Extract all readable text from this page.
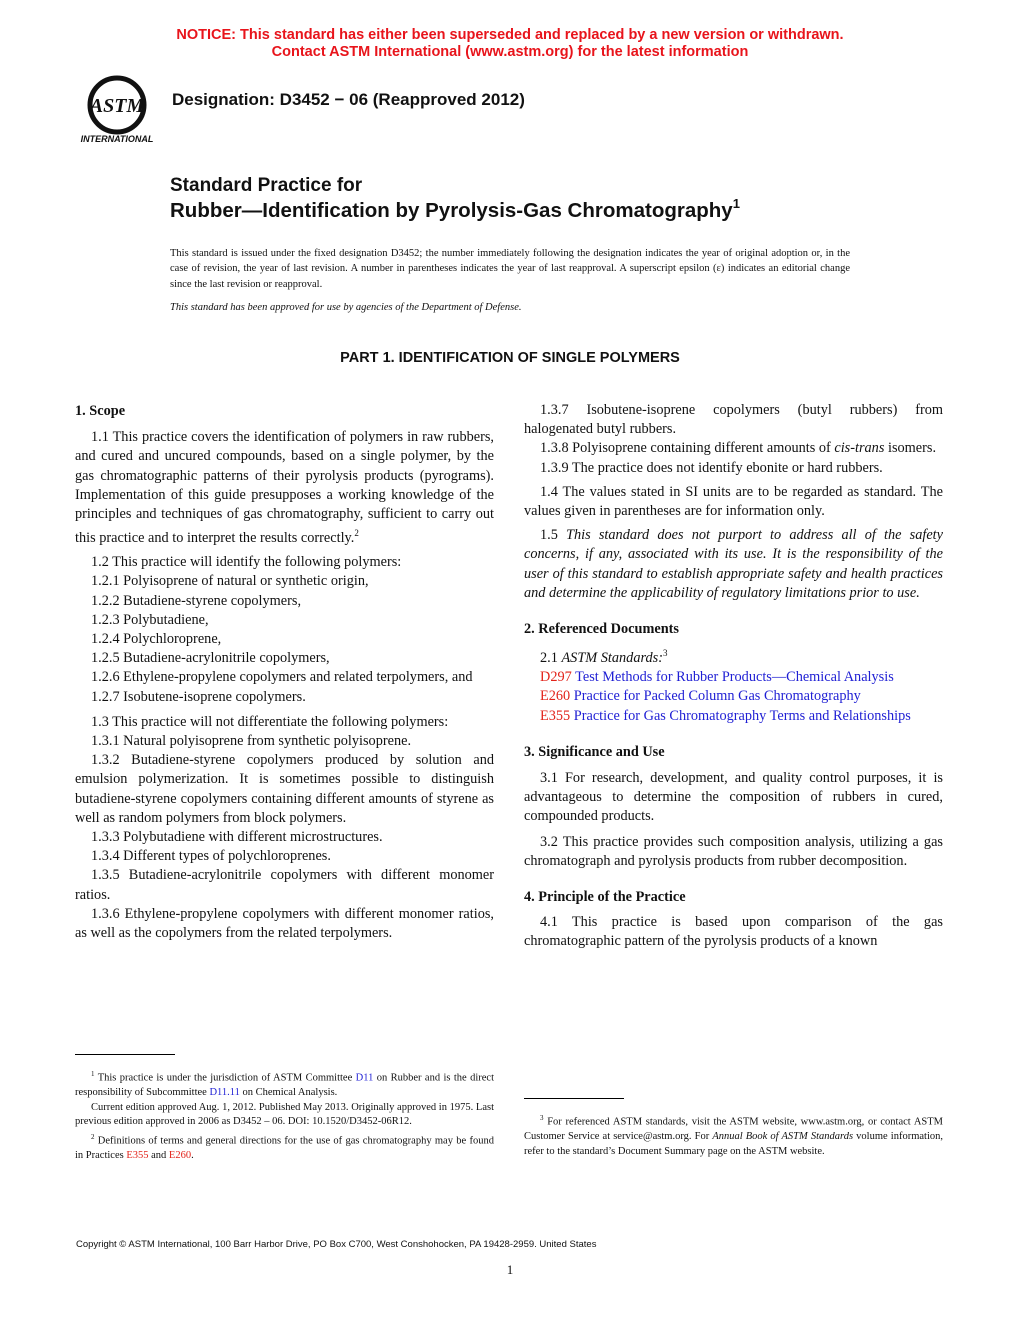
NOTICE: This standard has either been superseded and replaced by a new version or withdrawn.
Contact ASTM International (www.astm.org) for the latest information
ASTM
INTERNATIONAL
Designation: D3452 − 06 (Reapproved 2012)
Standard Practice for
Rubber—Identification by Pyrolysis-Gas Chromatography$^1$
This standard is issued under the fixed designation D3452; the number immediately following the designation indicates the year of original adoption or, in the case of revision, the year of last revision. A number in parentheses indicates the year of last reapproval. A superscript epsilon (ε) indicates an editorial change since the last revision or reapproval.
This standard has been approved for use by agencies of the Department of Defense.
PART 1. IDENTIFICATION OF SINGLE POLYMERS

1. Scope

1.1 This practice covers the identification of polymers in raw rubbers, and cured and uncured compounds, based on a single polymer, by the gas chromatographic patterns of their pyrolysis products (pyrograms). Implementation of this guide presupposes a working knowledge of the principles and techniques of gas chromatography, sufficient to carry out this practice and to interpret the results correctly.$^2$

1.2 This practice will identify the following polymers:

1.2.1 Polyisoprene of natural or synthetic origin,

1.2.2 Butadiene-styrene copolymers,

1.2.3 Polybutadiene,

1.2.4 Polychloroprene,

1.2.5 Butadiene-acrylonitrile copolymers,

1.2.6 Ethylene-propylene copolymers and related terpolymers, and

1.2.7 Isobutene-isoprene copolymers.

1.3 This practice will not differentiate the following polymers:

1.3.1 Natural polyisoprene from synthetic polyisoprene.

1.3.2 Butadiene-styrene copolymers produced by solution and emulsion polymerization. It is sometimes possible to distinguish butadiene-styrene copolymers containing different amounts of styrene as well as random polymers from block polymers.

1.3.3 Polybutadiene with different microstructures.

1.3.4 Different types of polychloroprenes.

1.3.5 Butadiene-acrylonitrile copolymers with different monomer ratios.

1.3.6 Ethylene-propylene copolymers with different monomer ratios, as well as the copolymers from the related terpolymers.

$^1$ This practice is under the jurisdiction of ASTM Committee D11 on Rubber and is the direct responsibility of Subcommittee D11.11 on Chemical Analysis.

Current edition approved Aug. 1, 2012. Published May 2013. Originally approved in 1975. Last previous edition approved in 2006 as D3452 – 06. DOI: 10.1520/D3452-06R12.

$^2$ Definitions of terms and general directions for the use of gas chromatography may be found in Practices E355 and E260.

1.3.7 Isobutene-isoprene copolymers (butyl rubbers) from halogenated butyl rubbers.

1.3.8 Polyisoprene containing different amounts of cis-trans isomers.

1.3.9 The practice does not identify ebonite or hard rubbers.

1.4 The values stated in SI units are to be regarded as standard. The values given in parentheses are for information only.

1.5 This standard does not purport to address all of the safety concerns, if any, associated with its use. It is the responsibility of the user of this standard to establish appropriate safety and health practices and determine the applicability of regulatory limitations prior to use.

2. Referenced Documents

2.1 ASTM Standards:$^3$

D297 Test Methods for Rubber Products—Chemical Analysis

E260 Practice for Packed Column Gas Chromatography

E355 Practice for Gas Chromatography Terms and Relationships

3. Significance and Use

3.1 For research, development, and quality control purposes, it is advantageous to determine the composition of rubbers in cured, compounded products.

3.2 This practice provides such composition analysis, utilizing a gas chromatograph and pyrolysis products from rubber decomposition.

4. Principle of the Practice

4.1 This practice is based upon comparison of the gas chromatographic pattern of the pyrolysis products of a known

$^3$ For referenced ASTM standards, visit the ASTM website, www.astm.org, or contact ASTM Customer Service at service@astm.org. For Annual Book of ASTM Standards volume information, refer to the standard’s Document Summary page on the ASTM website.

Copyright © ASTM International, 100 Barr Harbor Drive, PO Box C700, West Conshohocken, PA 19428-2959. United States
1
